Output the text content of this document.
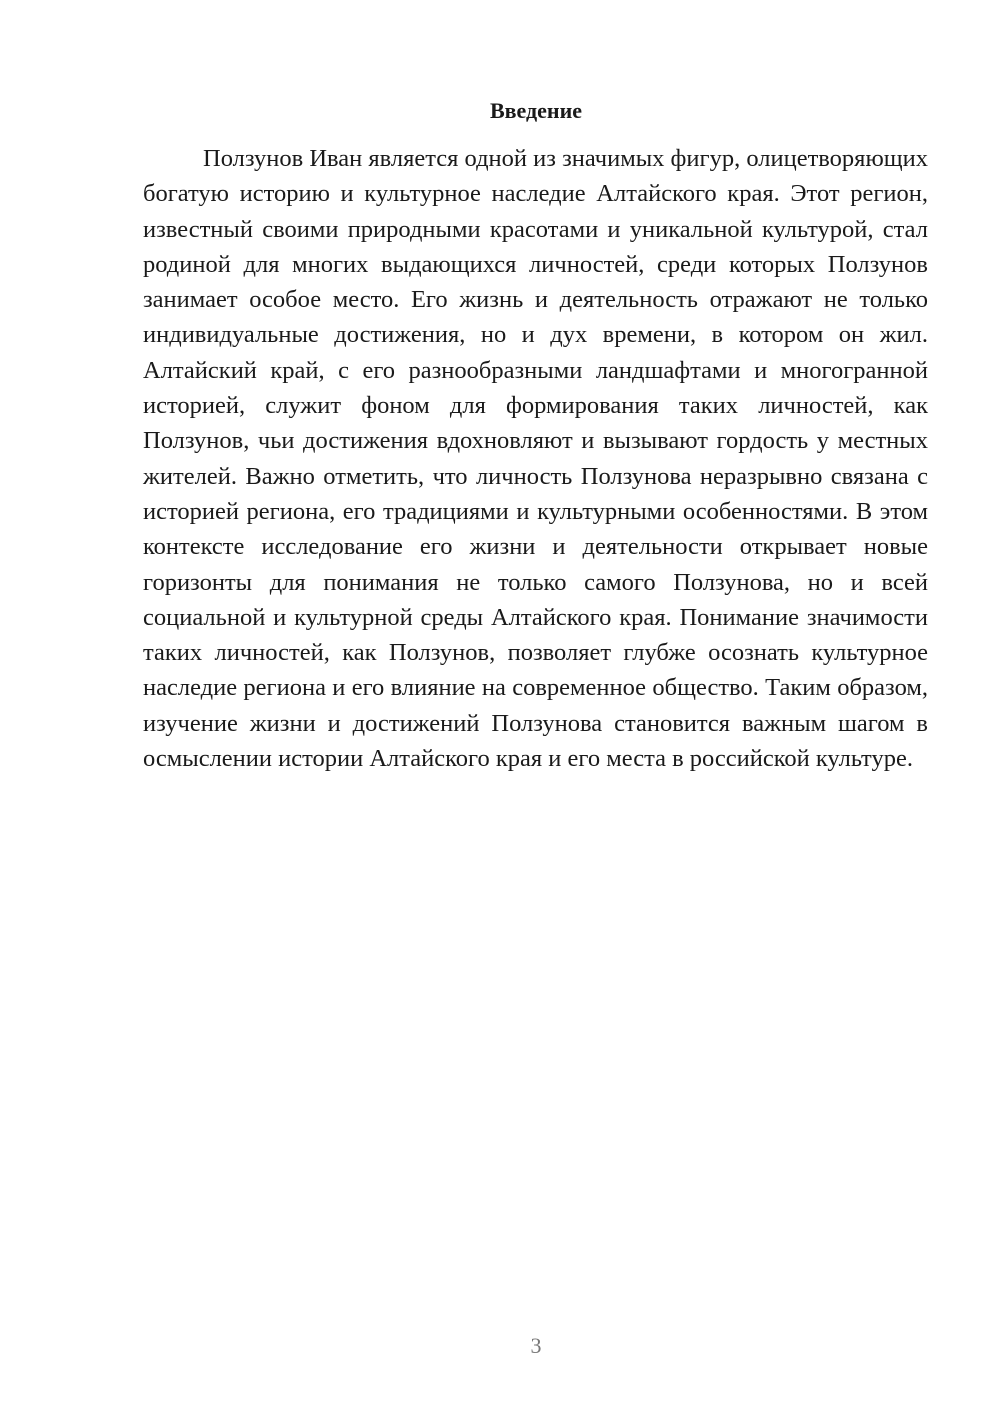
Введение

Ползунов Иван является одной из значимых фигур, олицетворяющих богатую историю и культурное наследие Алтайского края. Этот регион, известный своими природными красотами и уникальной культурой, стал родиной для многих выдающихся личностей, среди которых Ползунов занимает особое место. Его жизнь и деятельность отражают не только индивидуальные достижения, но и дух времени, в котором он жил. Алтайский край, с его разнообразными ландшафтами и многогранной историей, служит фоном для формирования таких личностей, как Ползунов, чьи достижения вдохновляют и вызывают гордость у местных жителей. Важно отметить, что личность Ползунова неразрывно связана с историей региона, его традициями и культурными особенностями. В этом контексте исследование его жизни и деятельности открывает новые горизонты для понимания не только самого Ползунова, но и всей социальной и культурной среды Алтайского края. Понимание значимости таких личностей, как Ползунов, позволяет глубже осознать культурное наследие региона и его влияние на современное общество. Таким образом, изучение жизни и достижений Ползунова становится важным шагом в осмыслении истории Алтайского края и его места в российской культуре.

3
